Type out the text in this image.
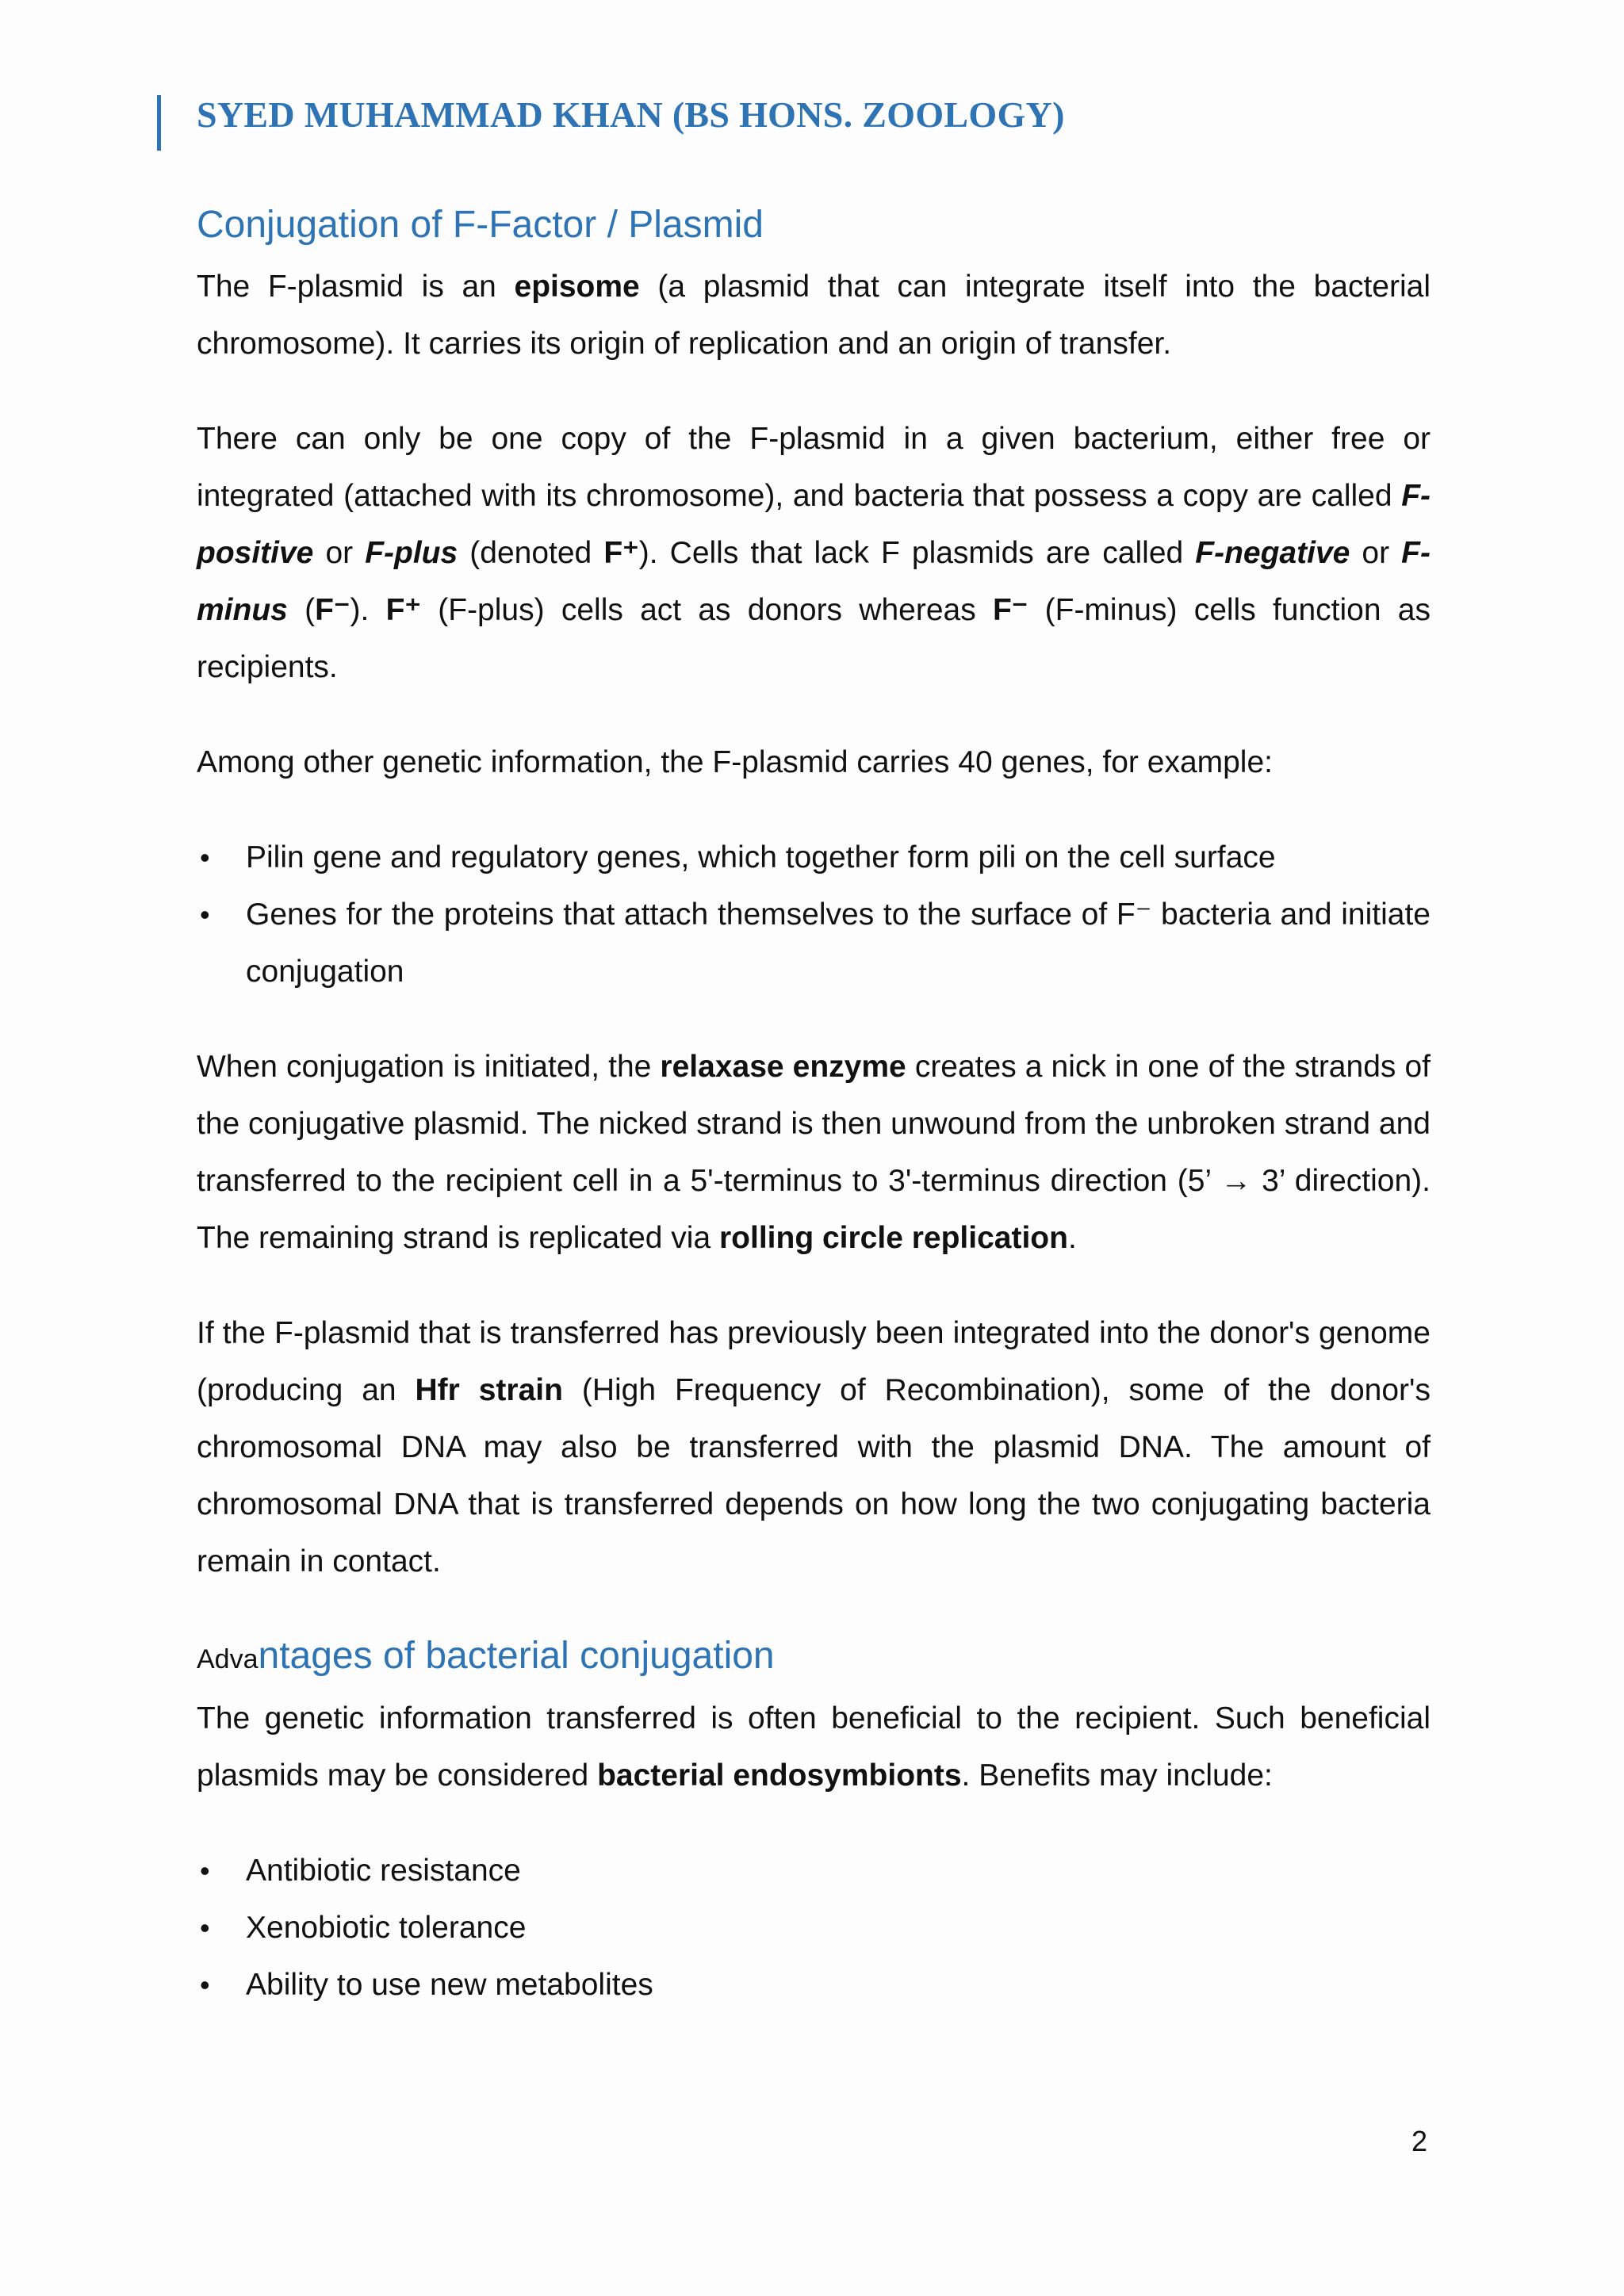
SYED MUHAMMAD KHAN (BS HONS. ZOOLOGY)
Conjugation of F-Factor / Plasmid

The F-plasmid is an episome (a plasmid that can integrate itself into the bacterial chromosome). It carries its origin of replication and an origin of transfer.

There can only be one copy of the F-plasmid in a given bacterium, either free or integrated (attached with its chromosome), and bacteria that possess a copy are called F-positive or F-plus (denoted F⁺). Cells that lack F plasmids are called F-negative or F-minus (F⁻). F⁺ (F-plus) cells act as donors whereas F⁻ (F-minus) cells function as recipients.

Among other genetic information, the F-plasmid carries 40 genes, for example:

• Pilin gene and regulatory genes, which together form pili on the cell surface
• Genes for the proteins that attach themselves to the surface of F⁻ bacteria and initiate conjugation

When conjugation is initiated, the relaxase enzyme creates a nick in one of the strands of the conjugative plasmid. The nicked strand is then unwound from the unbroken strand and transferred to the recipient cell in a 5'-terminus to 3'-terminus direction (5’ → 3’ direction). The remaining strand is replicated via rolling circle replication.

If the F-plasmid that is transferred has previously been integrated into the donor's genome (producing an Hfr strain (High Frequency of Recombination), some of the donor's chromosomal DNA may also be transferred with the plasmid DNA. The amount of chromosomal DNA that is transferred depends on how long the two conjugating bacteria remain in contact.

Advantages of bacterial conjugation

The genetic information transferred is often beneficial to the recipient. Such beneficial plasmids may be considered bacterial endosymbionts. Benefits may include:

• Antibiotic resistance
• Xenobiotic tolerance
• Ability to use new metabolites
2
